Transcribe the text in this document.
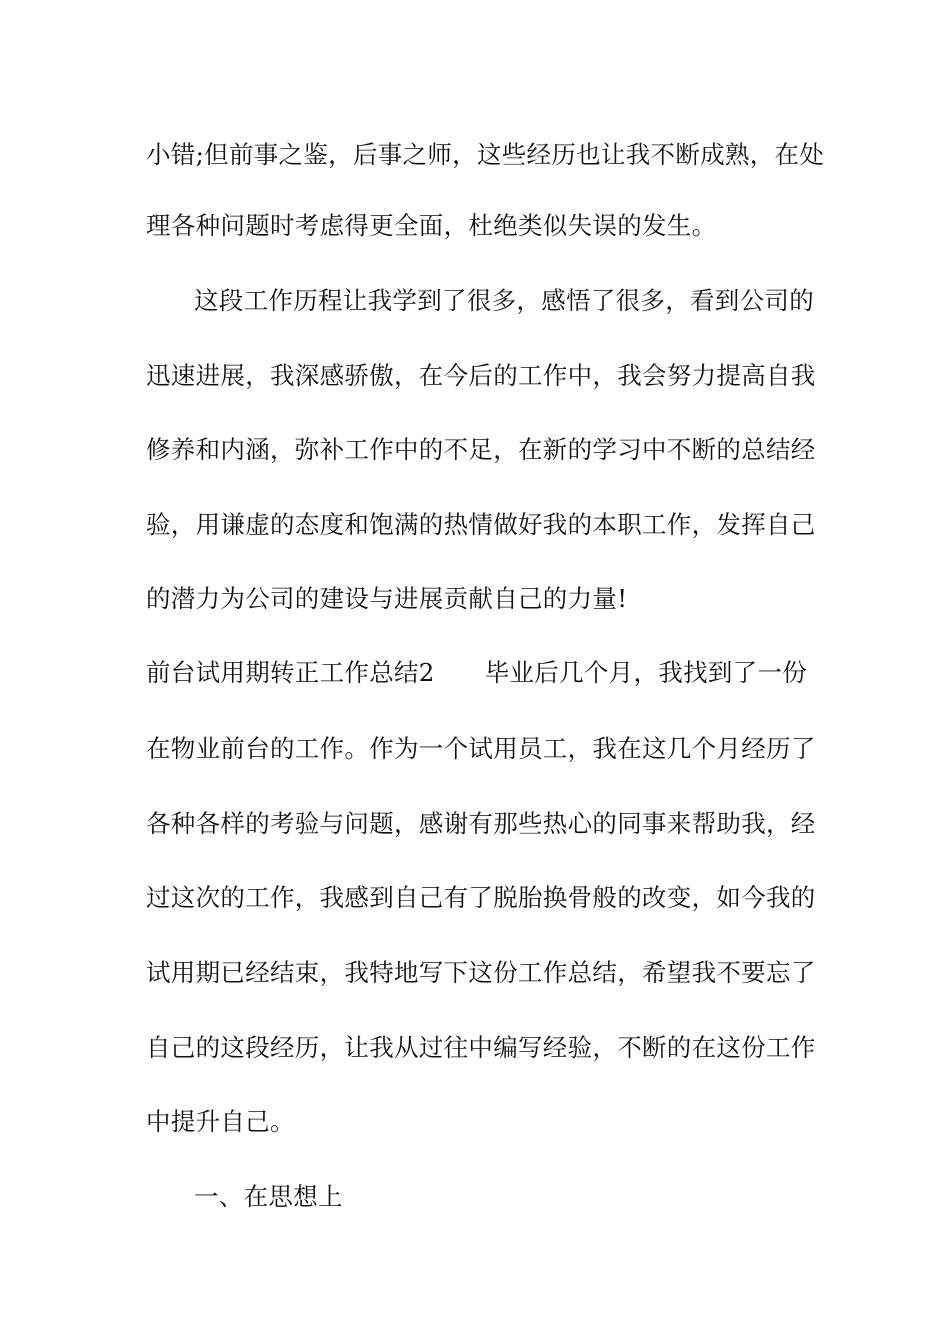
小错;但前事之鉴，后事之师，这些经历也让我不断成熟，在处
理各种问题时考虑得更全面，杜绝类似失误的发生。
这段工作历程让我学到了很多，感悟了很多，看到公司的
迅速进展，我深感骄傲，在今后的工作中，我会努力提高自我
修养和内涵，弥补工作中的不足，在新的学习中不断的总结经
验，用谦虚的态度和饱满的热情做好我的本职工作，发挥自己
的潜力为公司的建设与进展贡献自己的力量!
前台试用期转正工作总结2 毕业后几个月，我找到了一份
在物业前台的工作。作为一个试用员工，我在这几个月经历了
各种各样的考验与问题，感谢有那些热心的同事来帮助我，经
过这次的工作，我感到自己有了脱胎换骨般的改变，如今我的
试用期已经结束，我特地写下这份工作总结，希望我不要忘了
自己的这段经历，让我从过往中编写经验，不断的在这份工作
中提升自己。
一、在思想上
